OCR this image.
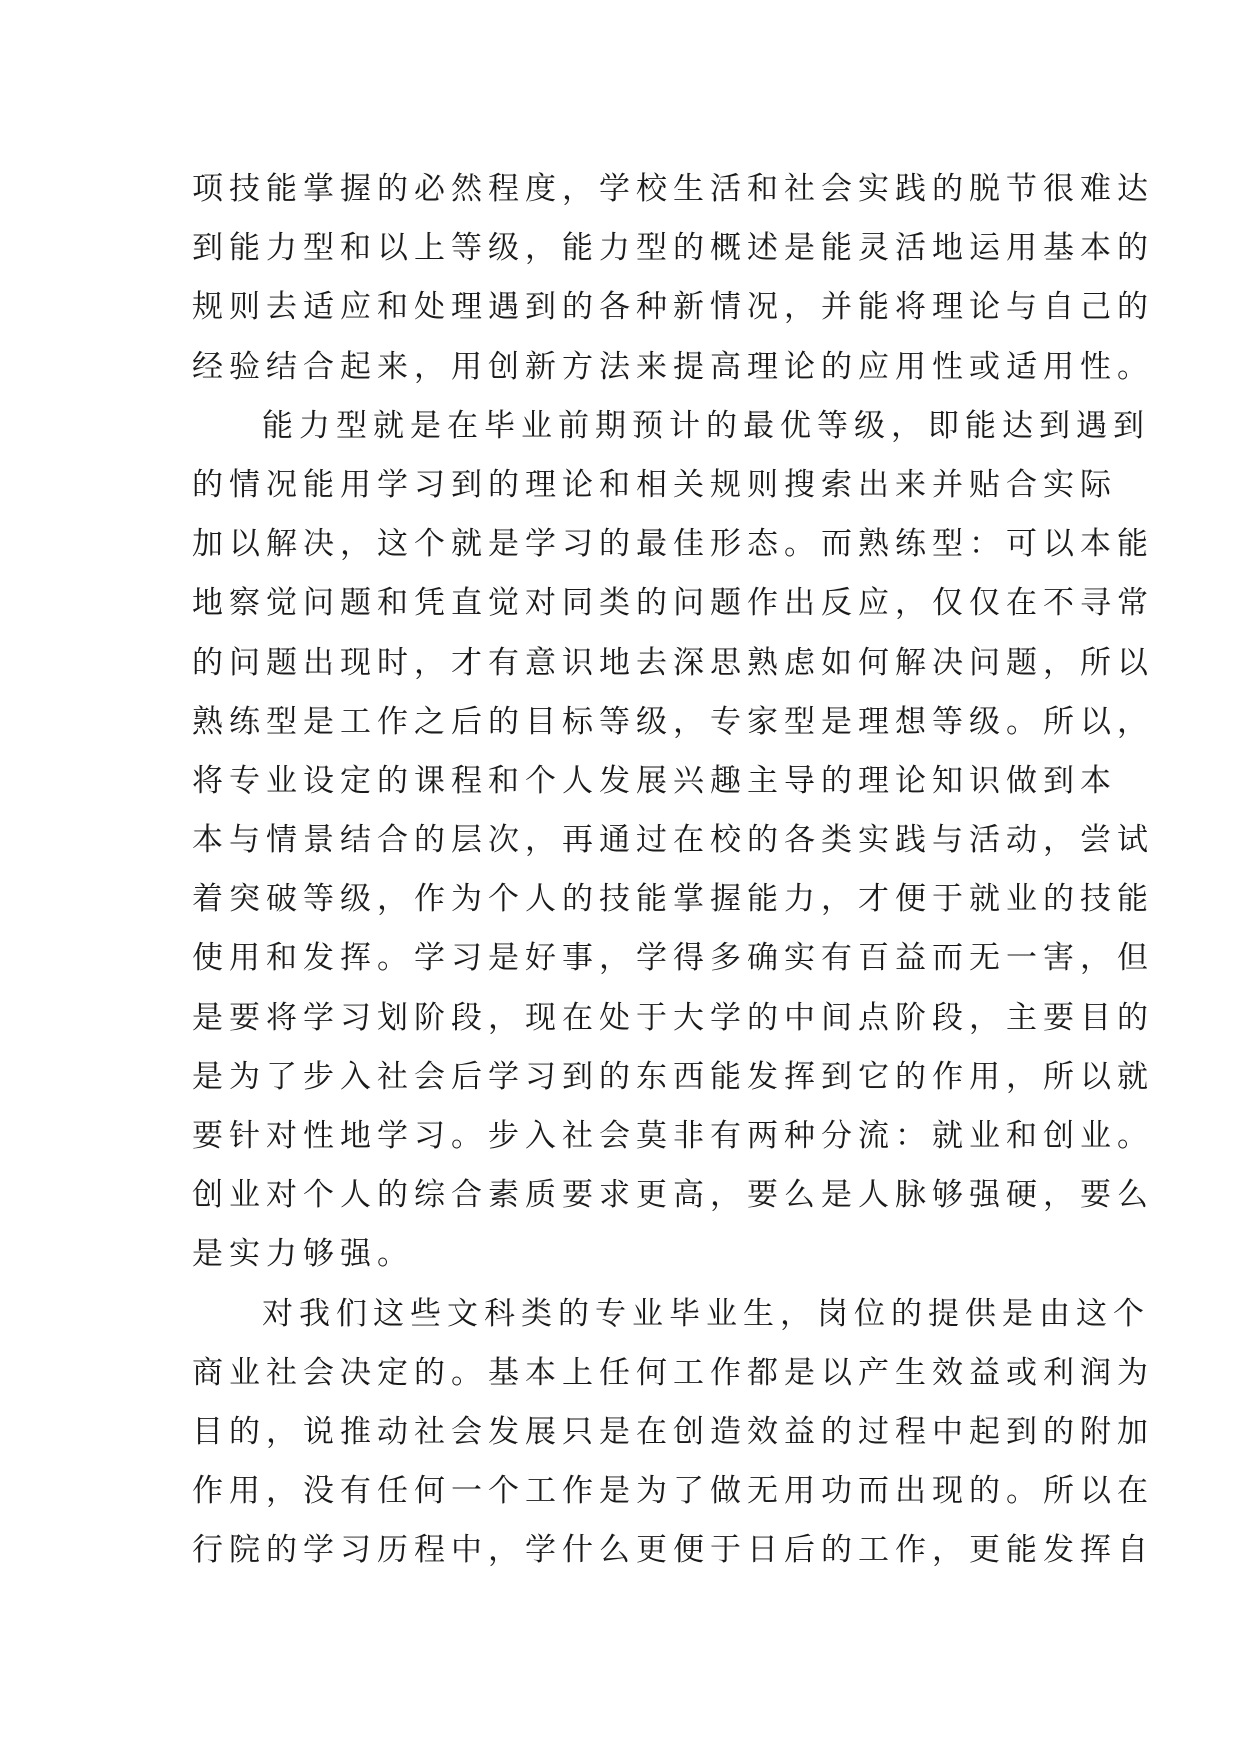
项技能掌握的必然程度，学校生活和社会实践的脱节很难达
到能力型和以上等级，能力型的概述是能灵活地运用基本的
规则去适应和处理遇到的各种新情况，并能将理论与自己的
经验结合起来，用创新方法来提高理论的应用性或适用性。
能力型就是在毕业前期预计的最优等级，即能达到遇到
的情况能用学习到的理论和相关规则搜索出来并贴合实际
加以解决，这个就是学习的最佳形态。而熟练型：可以本能
地察觉问题和凭直觉对同类的问题作出反应，仅仅在不寻常
的问题出现时，才有意识地去深思熟虑如何解决问题，所以
熟练型是工作之后的目标等级，专家型是理想等级。所以，
将专业设定的课程和个人发展兴趣主导的理论知识做到本
本与情景结合的层次，再通过在校的各类实践与活动，尝试
着突破等级，作为个人的技能掌握能力，才便于就业的技能
使用和发挥。学习是好事，学得多确实有百益而无一害，但
是要将学习划阶段，现在处于大学的中间点阶段，主要目的
是为了步入社会后学习到的东西能发挥到它的作用，所以就
要针对性地学习。步入社会莫非有两种分流：就业和创业。
创业对个人的综合素质要求更高，要么是人脉够强硬，要么
是实力够强。
对我们这些文科类的专业毕业生，岗位的提供是由这个
商业社会决定的。基本上任何工作都是以产生效益或利润为
目的，说推动社会发展只是在创造效益的过程中起到的附加
作用，没有任何一个工作是为了做无用功而出现的。所以在
行院的学习历程中，学什么更便于日后的工作，更能发挥自
